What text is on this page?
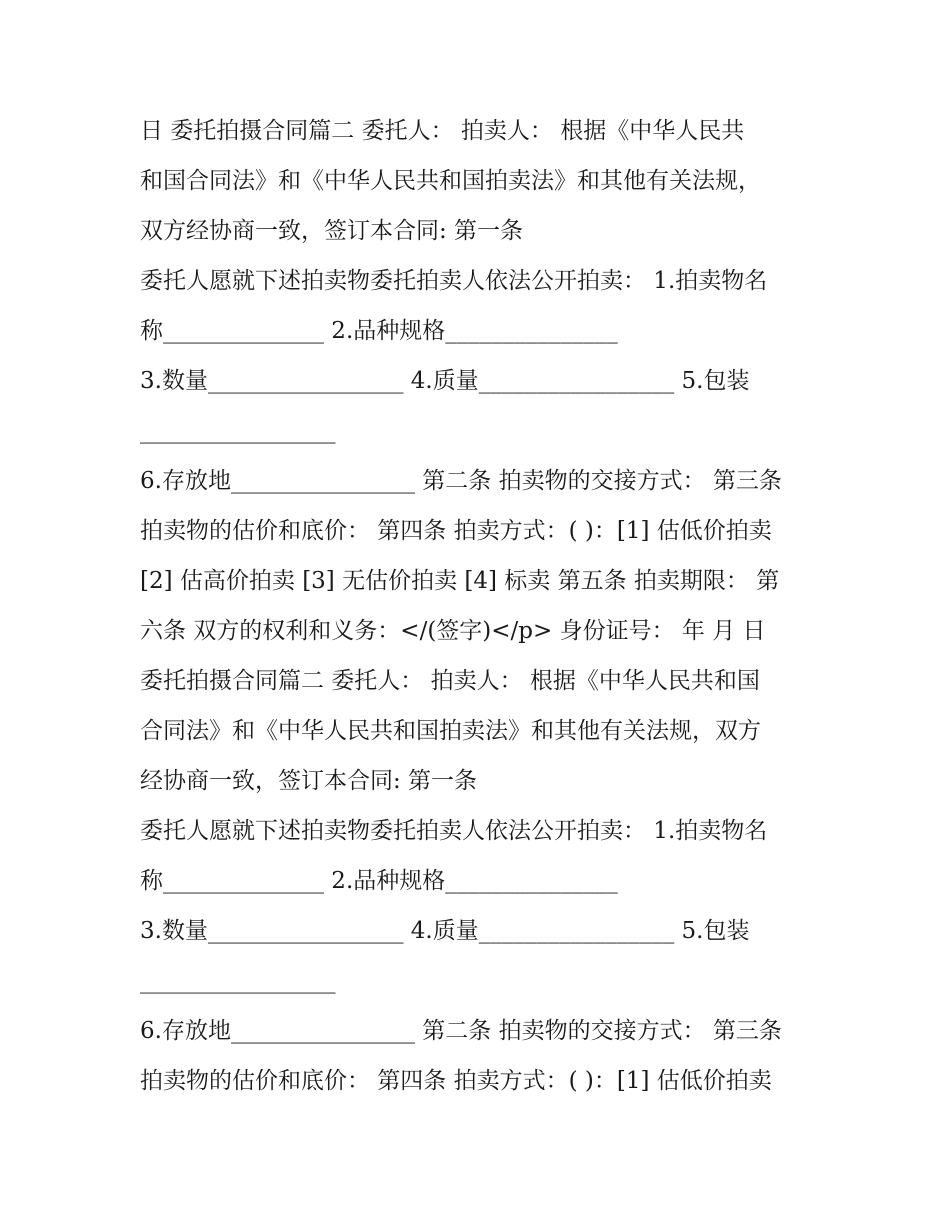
日 委托拍摄合同篇二 委托人： 拍卖人： 根据《中华人民共
和国合同法》和《中华人民共和国拍卖法》和其他有关法规，
双方经协商一致，签订本合同: 第一条
委托人愿就下述拍卖物委托拍卖人依法公开拍卖： 1.拍卖物名
称______________ 2.品种规格_______________
3.数量_________________ 4.质量_________________ 5.包装
_________________
6.存放地________________ 第二条 拍卖物的交接方式： 第三条
拍卖物的估价和底价： 第四条 拍卖方式：( )：[1] 估低价拍卖
[2] 估高价拍卖 [3] 无估价拍卖 [4] 标卖 第五条 拍卖期限： 第
六条 双方的权利和义务：</(签字)</p> 身份证号： 年 月 日
委托拍摄合同篇二 委托人： 拍卖人： 根据《中华人民共和国
合同法》和《中华人民共和国拍卖法》和其他有关法规，双方
经协商一致，签订本合同: 第一条
委托人愿就下述拍卖物委托拍卖人依法公开拍卖： 1.拍卖物名
称______________ 2.品种规格_______________
3.数量_________________ 4.质量_________________ 5.包装
_________________
6.存放地________________ 第二条 拍卖物的交接方式： 第三条
拍卖物的估价和底价： 第四条 拍卖方式：( )：[1] 估低价拍卖
